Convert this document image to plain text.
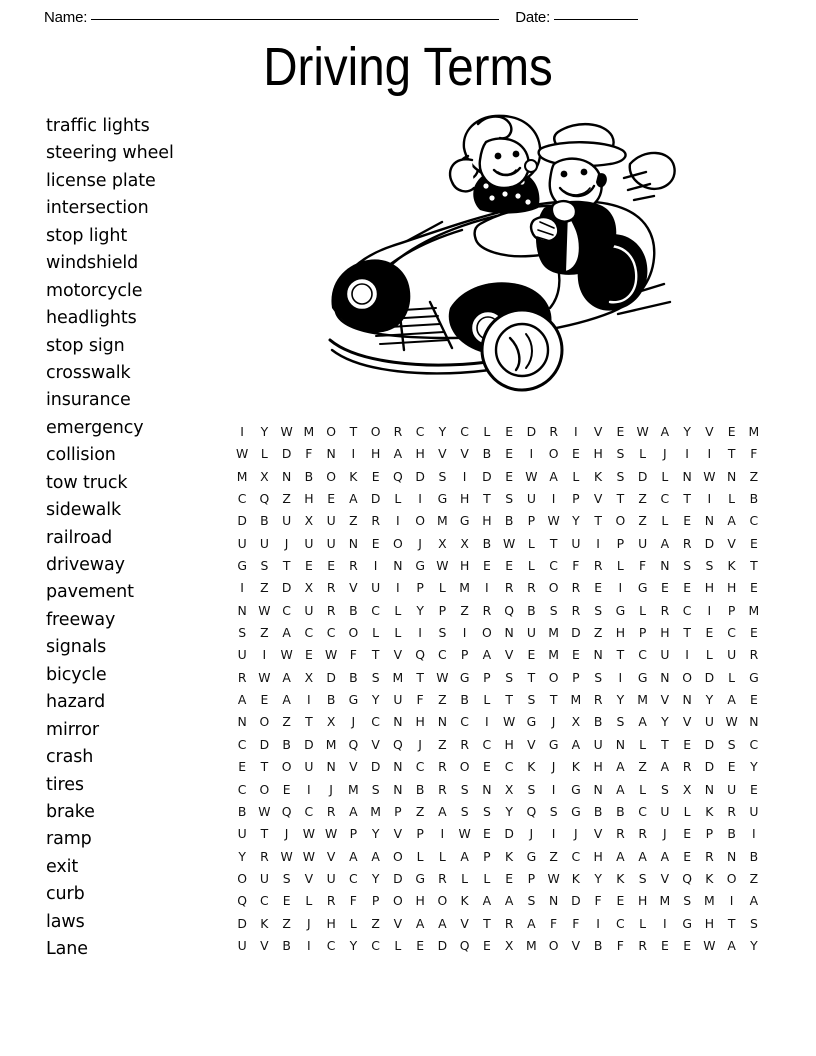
Name:	Date:
Driving Terms
traffic lights
steering wheel
license plate
intersection
stop light
windshield
motorcycle
headlights
stop sign
crosswalk
insurance
emergency
collision
tow truck
sidewalk
railroad
driveway
pavement
freeway
signals
bicycle
hazard
mirror
crash
tires
brake
ramp
exit
curb
laws
Lane
I	Y W M O	T	O	R	C	Y	C	L	E	D	R	I	V	E W A	Y	V	E	M
W	L	D	F	N	I	H	A	H	V	V	B	E	I	O	E	H	S	L	J	I	I	T	F
M	X	N	B	O	K	E	Q	D	S	I	D	E W A	L	K	S	D	L	N W N	Z
C	Q	Z	H	E	A	D	L	I	G	H	T	S	U	I	P	V	T	Z	C	T	I	L	B
D	B	U	X	U	Z	R	I	O M G	H	B	P W Y	T	O	Z	L	E	N	A	C
U	U	J	U	U	N	E	O	J	X	X	B W	L	T	U	I	P	U	A	R	D	V	E
G	S	T	E	E	R	I	N	G W H	E	E	L	C	F	R	L	F	N	S	S	K	T
I	Z	D	X	R	V	U	I	P	L	M	I	R	R	O	R	E	I	G	E	E	H	H	E
N W C	U	R	B	C	L	Y	P	Z	R	Q	B	S	R	S	G	L	R	C	I	P	M
S	Z	A	C	C	O	L	L	I	S	I	O	N	U M D	Z	H	P	H	T	E	C	E
U	I	W E W	F	T	V	Q	C	P	A	V	E	M	E	N	T	C	U	I	L	U	R
R W A	X	D	B	S	M	T W G	P	S	T	O	P	S	I	G	N	O	D	L	G
A	E	A	I	B	G	Y	U	F	Z	B	L	T	S	T	M	R	Y	M	V	N	Y	A	E
N	O	Z	T	X	J	C	N	H	N	C	I	W G	J	X	B	S	A	Y	V	U W N
C	D	B	D M Q	V	Q	J	Z	R	C	H	V	G	A	U	N	L	T	E	D	S	C
E	T	O	U	N	V	D	N	C	R	O	E	C	K	J	K	H	A	Z	A	R	D	E	Y
C	O	E	I	J	M	S	N	B	R	S	N	X	S	I	G	N	A	L	S	X	N	U	E
B W Q	C	R	A	M	P	Z	A	S	S	Y	Q	S	G	B	B	C	U	L	K	R	U
U	T	J	W W P	Y	V	P	I	W E	D	J	I	J	V	R	R	J	E	P	B	I
Y	R W W V	A	A	O	L	L	A	P	K	G	Z	C	H	A	A	A	E	R	N	B
O	U	S	V	U	C	Y	D	G	R	L	L	E	P W K	Y	K	S	V	Q	K	O	Z
Q	C	E	L	R	F	P	O	H	O	K	A	A	S	N	D	F	E	H M	S	M	I	A
D	K	Z	J	H	L	Z	V	A	A	V	T	R	A	F	F	I	C	L	I	G	H	T	S
U	V	B	I	C	Y	C	L	E	D	Q	E	X	M O	V	B	F	R	E	E W A	Y
